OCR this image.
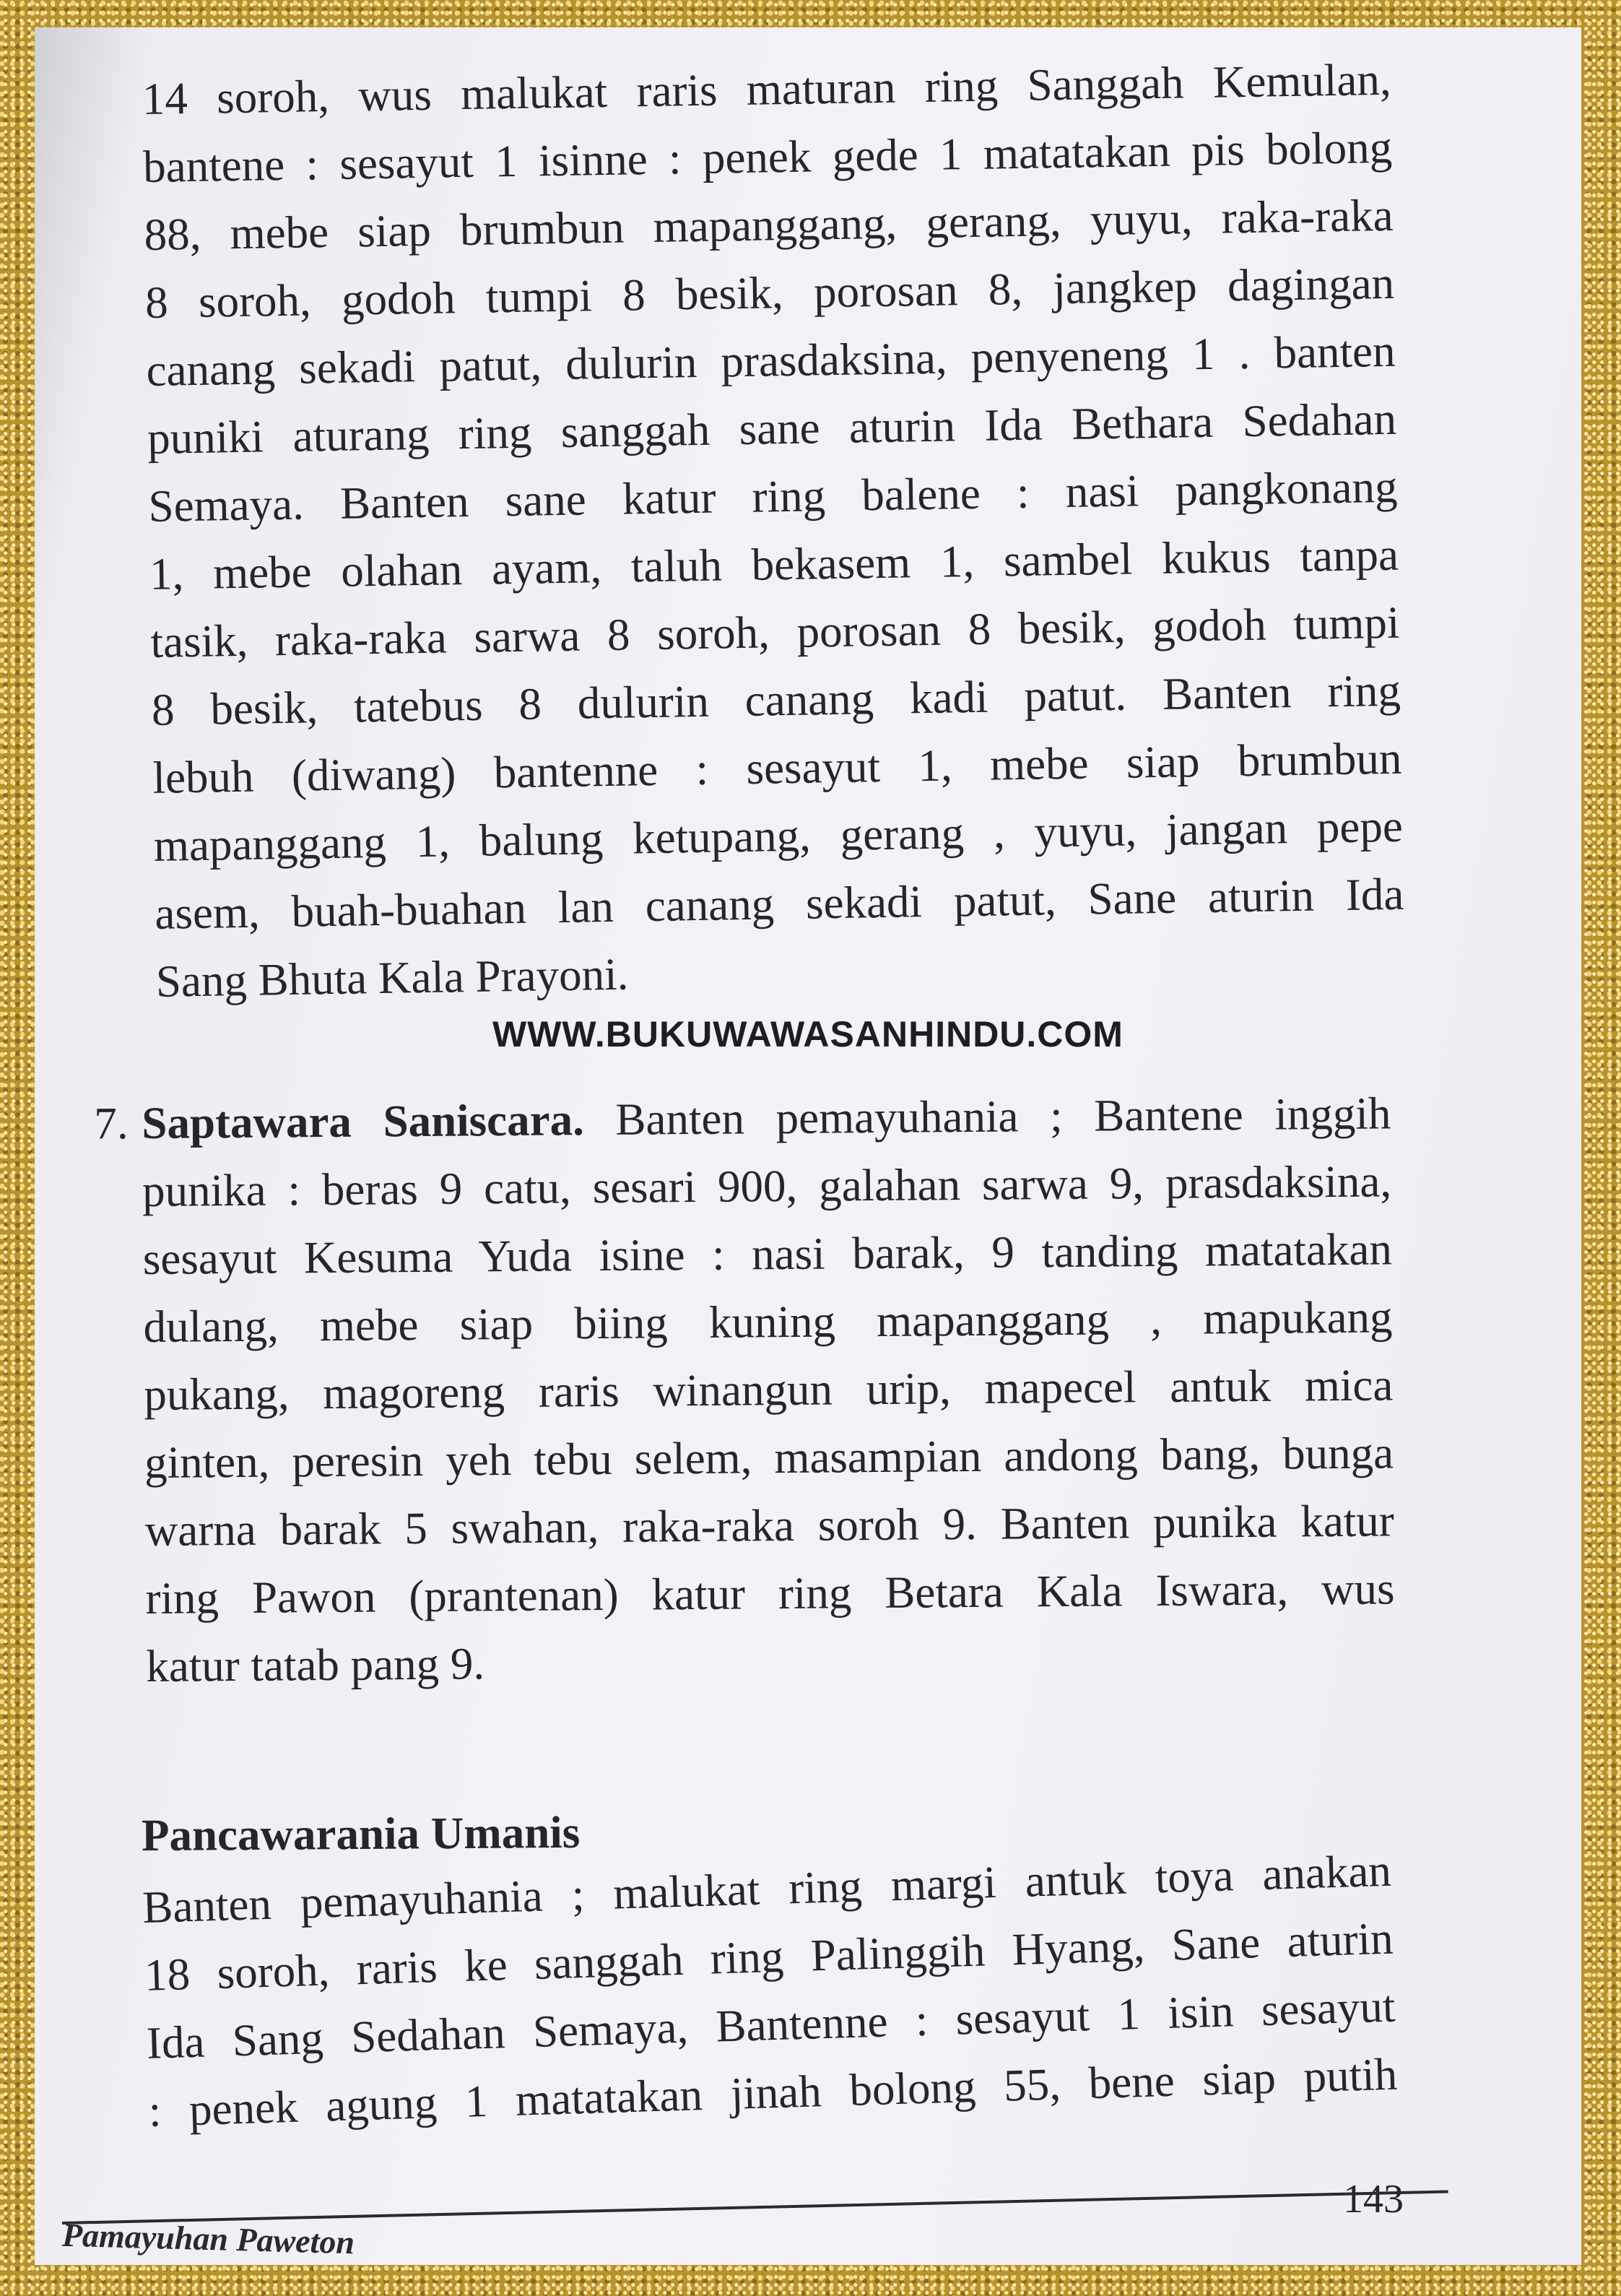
14 soroh, wus malukat raris maturan ring Sanggah Kemulan,
bantene : sesayut 1 isinne : penek gede 1 matatakan pis bolong
88, mebe siap brumbun mapanggang, gerang, yuyu, raka-raka
8 soroh, godoh tumpi 8 besik, porosan 8, jangkep dagingan
canang sekadi patut, dulurin prasdaksina, penyeneng 1 . banten
puniki aturang ring sanggah sane aturin Ida Bethara Sedahan
Semaya. Banten sane katur ring balene : nasi pangkonang
1, mebe olahan ayam, taluh bekasem 1, sambel kukus tanpa
tasik, raka-raka sarwa 8 soroh, porosan 8 besik, godoh tumpi
8 besik, tatebus 8 dulurin canang kadi patut. Banten ring
lebuh (diwang) bantenne : sesayut 1, mebe siap brumbun
mapanggang 1, balung ketupang, gerang , yuyu, jangan pepe
asem, buah-buahan lan canang sekadi patut, Sane aturin Ida
Sang Bhuta Kala Prayoni.
WWW.BUKUWAWASANHINDU.COM
7. Saptawara Saniscara. Banten pemayuhania ; Bantene inggih
punika : beras 9 catu, sesari 900, galahan sarwa 9, prasdaksina,
sesayut Kesuma Yuda isine : nasi barak, 9 tanding matatakan
dulang, mebe siap biing kuning mapanggang , mapukang
pukang, magoreng raris winangun urip, mapecel antuk mica
ginten, peresin yeh tebu selem, masampian andong bang, bunga
warna barak 5 swahan, raka-raka soroh 9. Banten punika katur
ring Pawon (prantenan) katur ring Betara Kala Iswara, wus
katur tatab pang 9.
Pancawarania Umanis
Banten pemayuhania ; malukat ring margi antuk toya anakan
18 soroh, raris ke sanggah ring Palinggih Hyang, Sane aturin
Ida Sang Sedahan Semaya, Bantenne : sesayut 1 isin sesayut
: penek agung 1 matatakan jinah bolong 55, bene siap putih
143
Pamayuhan Paweton
